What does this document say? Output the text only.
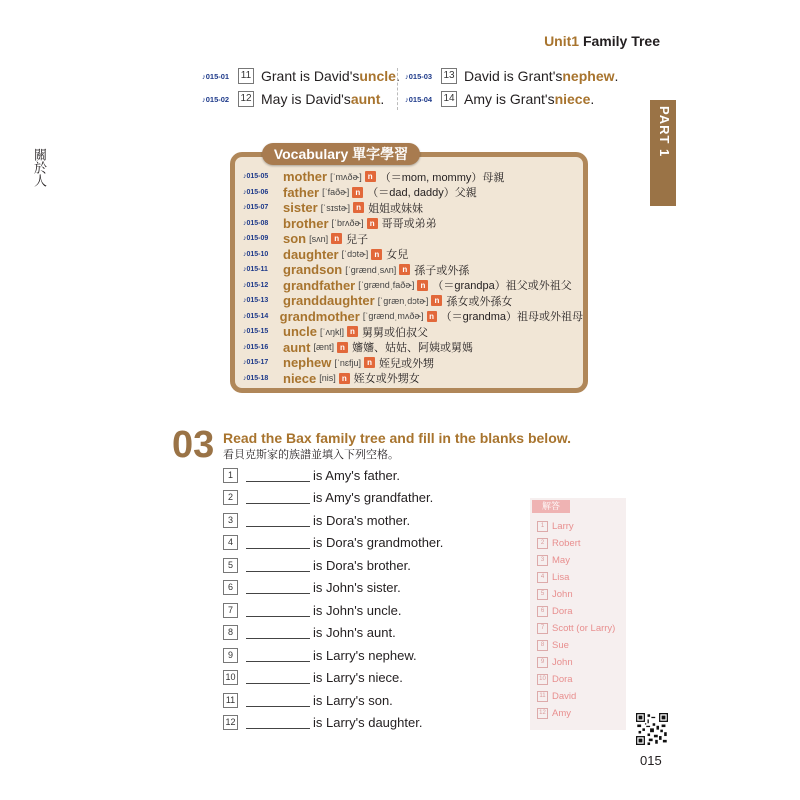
Unit1 Family Tree
♪015-01	11 Grant is David's uncle .
♪015-02	12 May is David's aunt .
♪015-03	13 David is Grant's nephew .
♪015-04	14 Amy is Grant's niece .
PART 1
關於人	Vocabulary 單字學習
♪015-05	mother [ˈmʌðɚ] n （＝mom, mommy）母親
♪015-06	father [ˈfaðɚ] n （＝dad, daddy）父親
♪015-07	sister [ˈsɪstɚ] n 姐姐或妹妹
♪015-08	brother [ˈbrʌðɚ] n 哥哥或弟弟
♪015-09	son [sʌn] n 兒子
♪015-10	daughter [ˈdɔtɚ] n 女兒
♪015-11	grandson [ˈgrændˌsʌn] n 孫子或外孫
♪015-12	grandfather [ˈgrændˌfaðɚ] n （＝grandpa）祖父或外祖父
♪015-13	granddaughter [ˈgrænˌdɔtɚ] n 孫女或外孫女
♪015-14 grandmother [ˈgrændˌmʌðɚ] n （＝grandma）祖母或外祖母
♪015-15	uncle [ˈʌŋkḷ] n 舅舅或伯叔父
♪015-16	aunt [ænt] n 嬸嬸、姑姑、阿姨或舅媽
♪015-17	nephew [ˈnɛfju] n 姪兒或外甥
♪015-18	niece [nis] n 姪女或外甥女
03 Read the Bax family tree and fill in the blanks below.
看貝克斯家的族譜並填入下列空格。
1	is Amy's father.
2	is Amy's grandfather.
3	is Dora's mother.
4	is Dora's grandmother.
5	is Dora's brother.
6	is John's sister.
7	is John's uncle.
8	is John's aunt.
9	is Larry's nephew.
10	is Larry's niece.
11	is Larry's son.
12	is Larry's daughter.
解答
1 Larry
2 Robert
3 May
4 Lisa
5 John
6 Dora
7 Scott (or Larry)
8 Sue
9 John
10 Dora
11 David
12 Amy
015
